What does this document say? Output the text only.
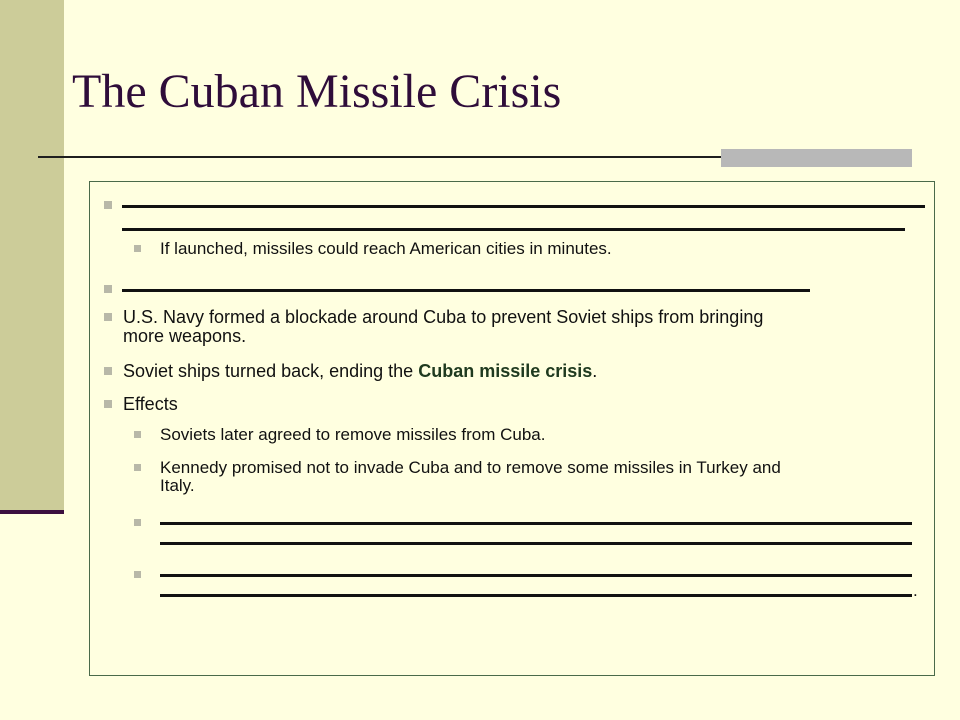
The Cuban Missile Crisis
If launched, missiles could reach American cities in minutes.
U.S. Navy formed a blockade around Cuba to prevent Soviet ships from bringing
more weapons.
Soviet ships turned back, ending the Cuban missile crisis.
Effects
Soviets later agreed to remove missiles from Cuba.
Kennedy promised not to invade Cuba and to remove some missiles in Turkey and
Italy.
.
